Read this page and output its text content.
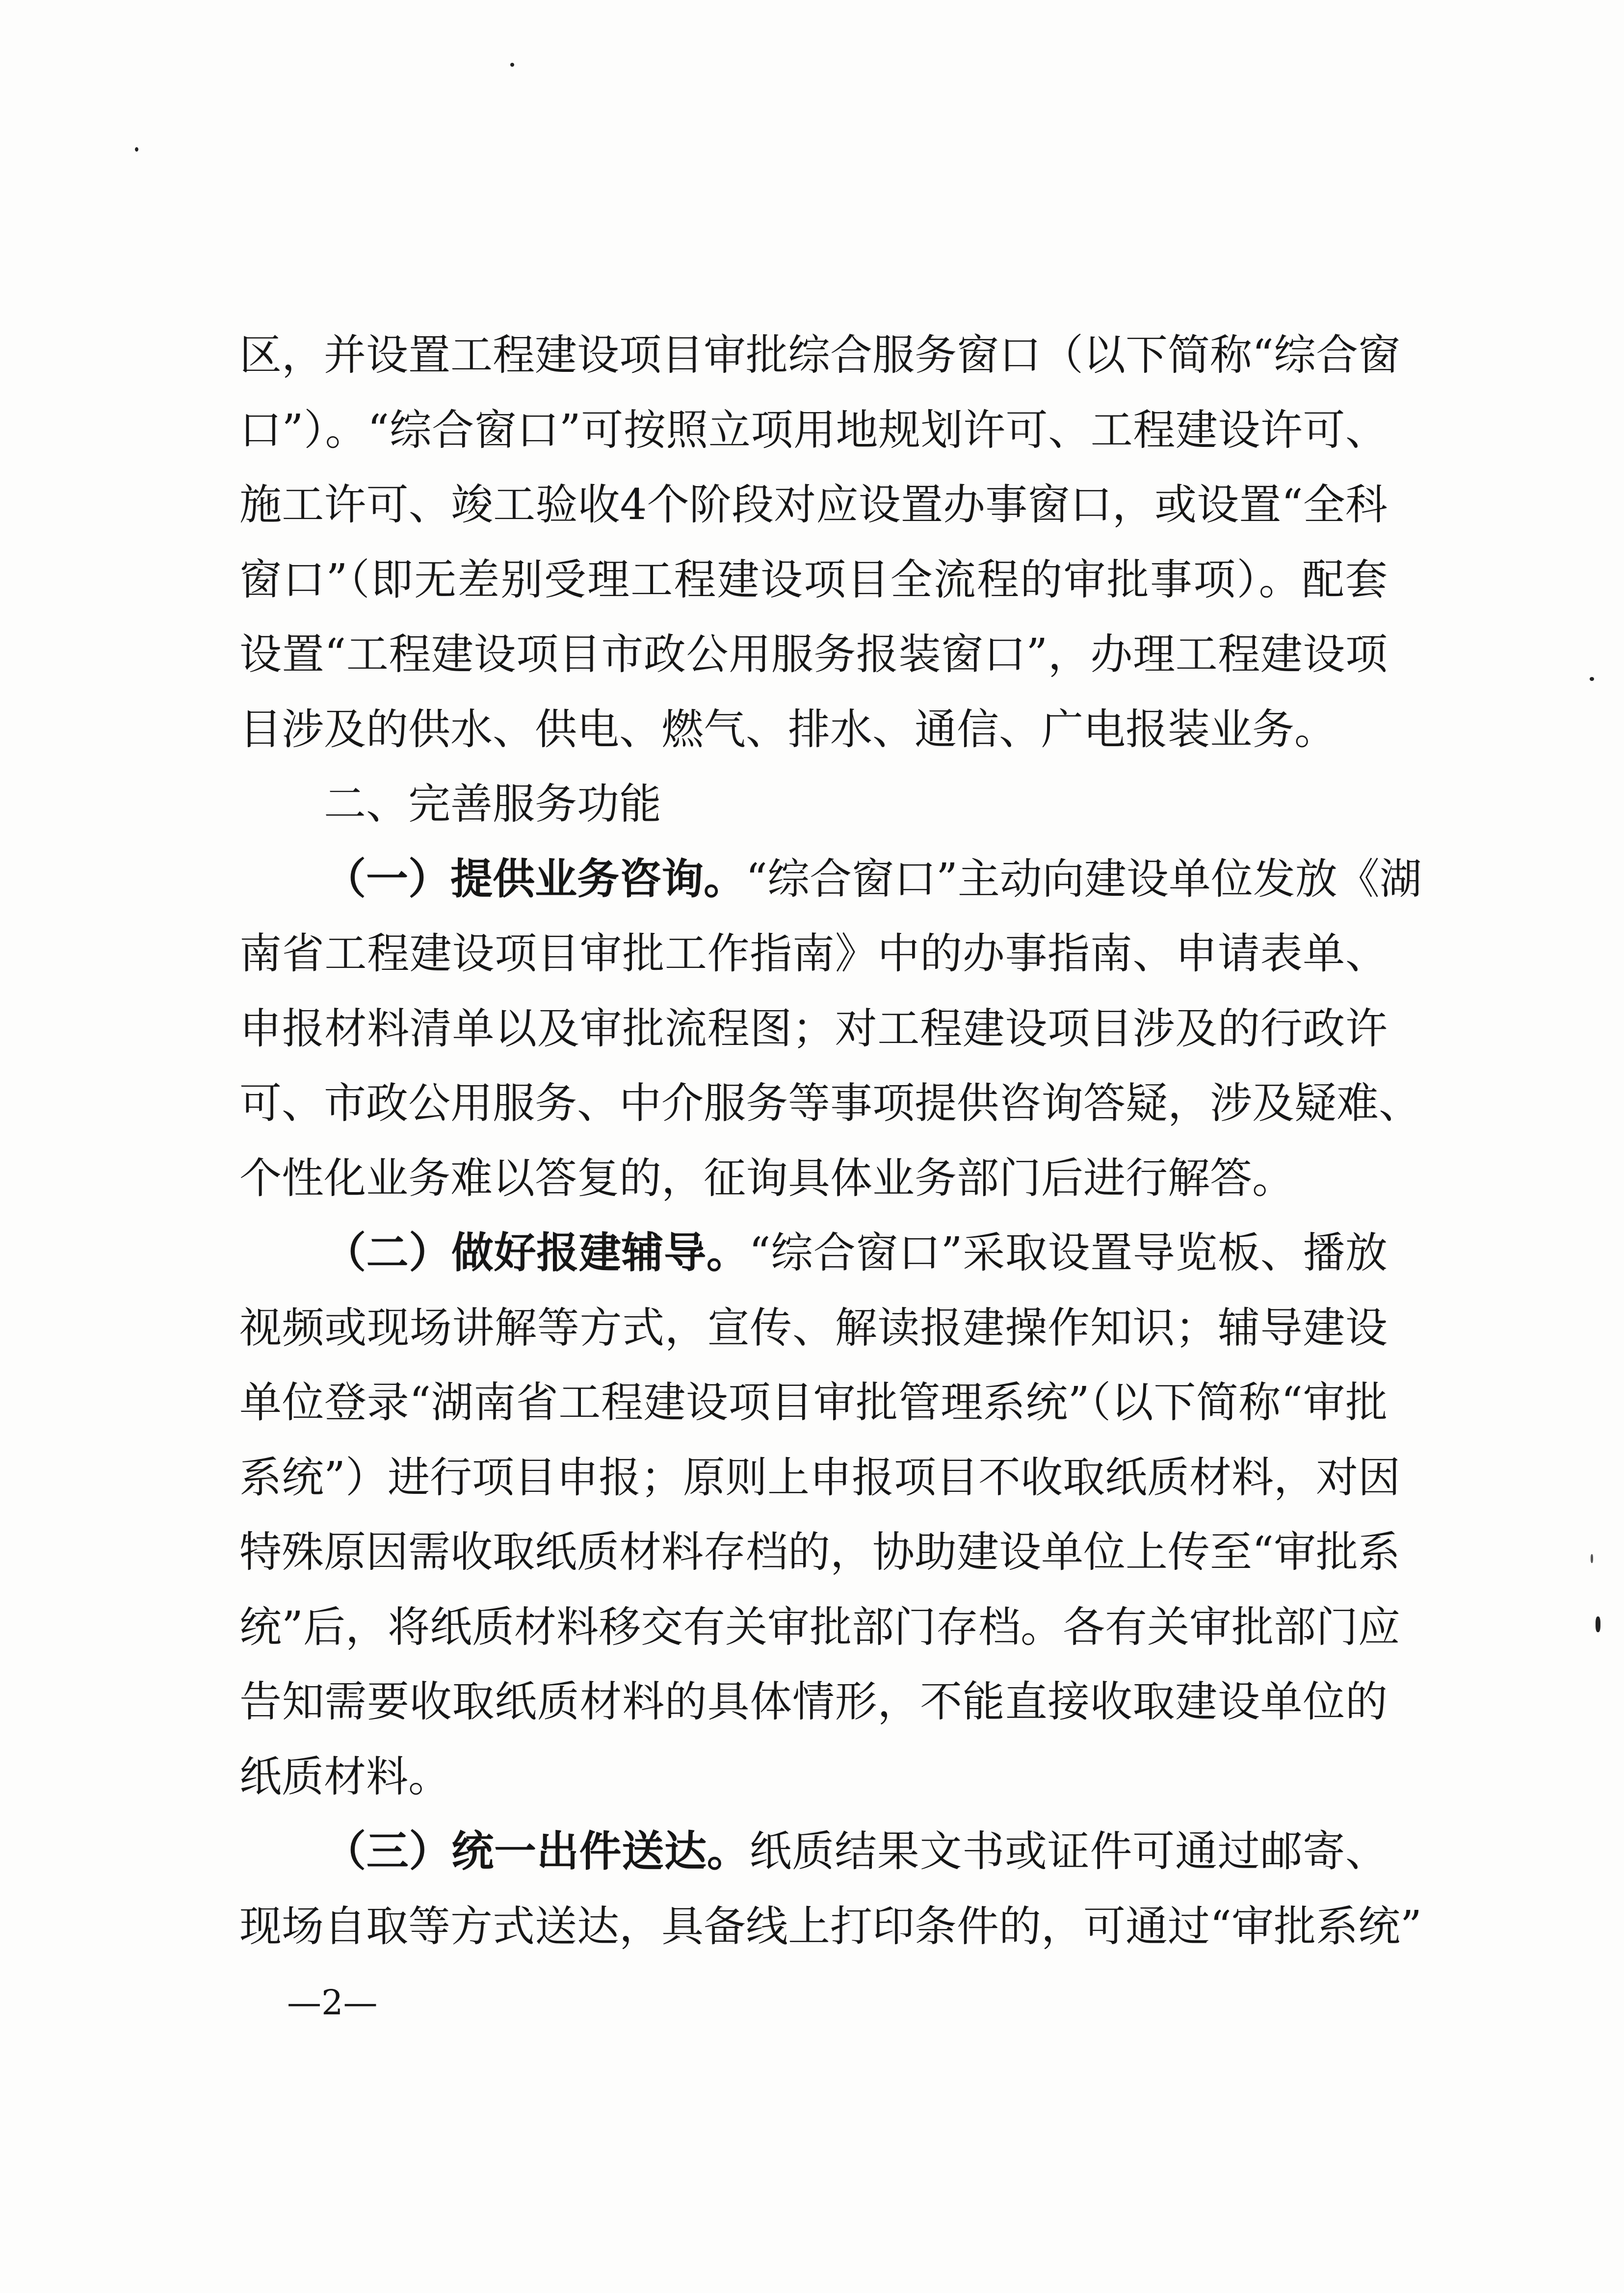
区，并设置工程建设项目审批综合服务窗口（以下简称“综合窗
口”）。“综合窗口”可按照立项用地规划许可、工程建设许可、
施工许可、竣工验收4个阶段对应设置办事窗口，或设置“全科
窗口”（即无差别受理工程建设项目全流程的审批事项）。配套
设置“工程建设项目市政公用服务报装窗口”，办理工程建设项
目涉及的供水、供电、燃气、排水、通信、广电报装业务。
二、完善服务功能
（一）提供业务咨询。“综合窗口”主动向建设单位发放《湖
南省工程建设项目审批工作指南》中的办事指南、申请表单、
申报材料清单以及审批流程图；对工程建设项目涉及的行政许
可、市政公用服务、中介服务等事项提供咨询答疑，涉及疑难、
个性化业务难以答复的，征询具体业务部门后进行解答。
（二）做好报建辅导。“综合窗口”采取设置导览板、播放
视频或现场讲解等方式，宣传、解读报建操作知识；辅导建设
单位登录“湖南省工程建设项目审批管理系统”（以下简称“审批
系统”）进行项目申报；原则上申报项目不收取纸质材料，对因
特殊原因需收取纸质材料存档的，协助建设单位上传至“审批系
统”后，将纸质材料移交有关审批部门存档。各有关审批部门应
告知需要收取纸质材料的具体情形，不能直接收取建设单位的
纸质材料。
（三）统一出件送达。纸质结果文书或证件可通过邮寄、
现场自取等方式送达，具备线上打印条件的，可通过“审批系统”
—2—
